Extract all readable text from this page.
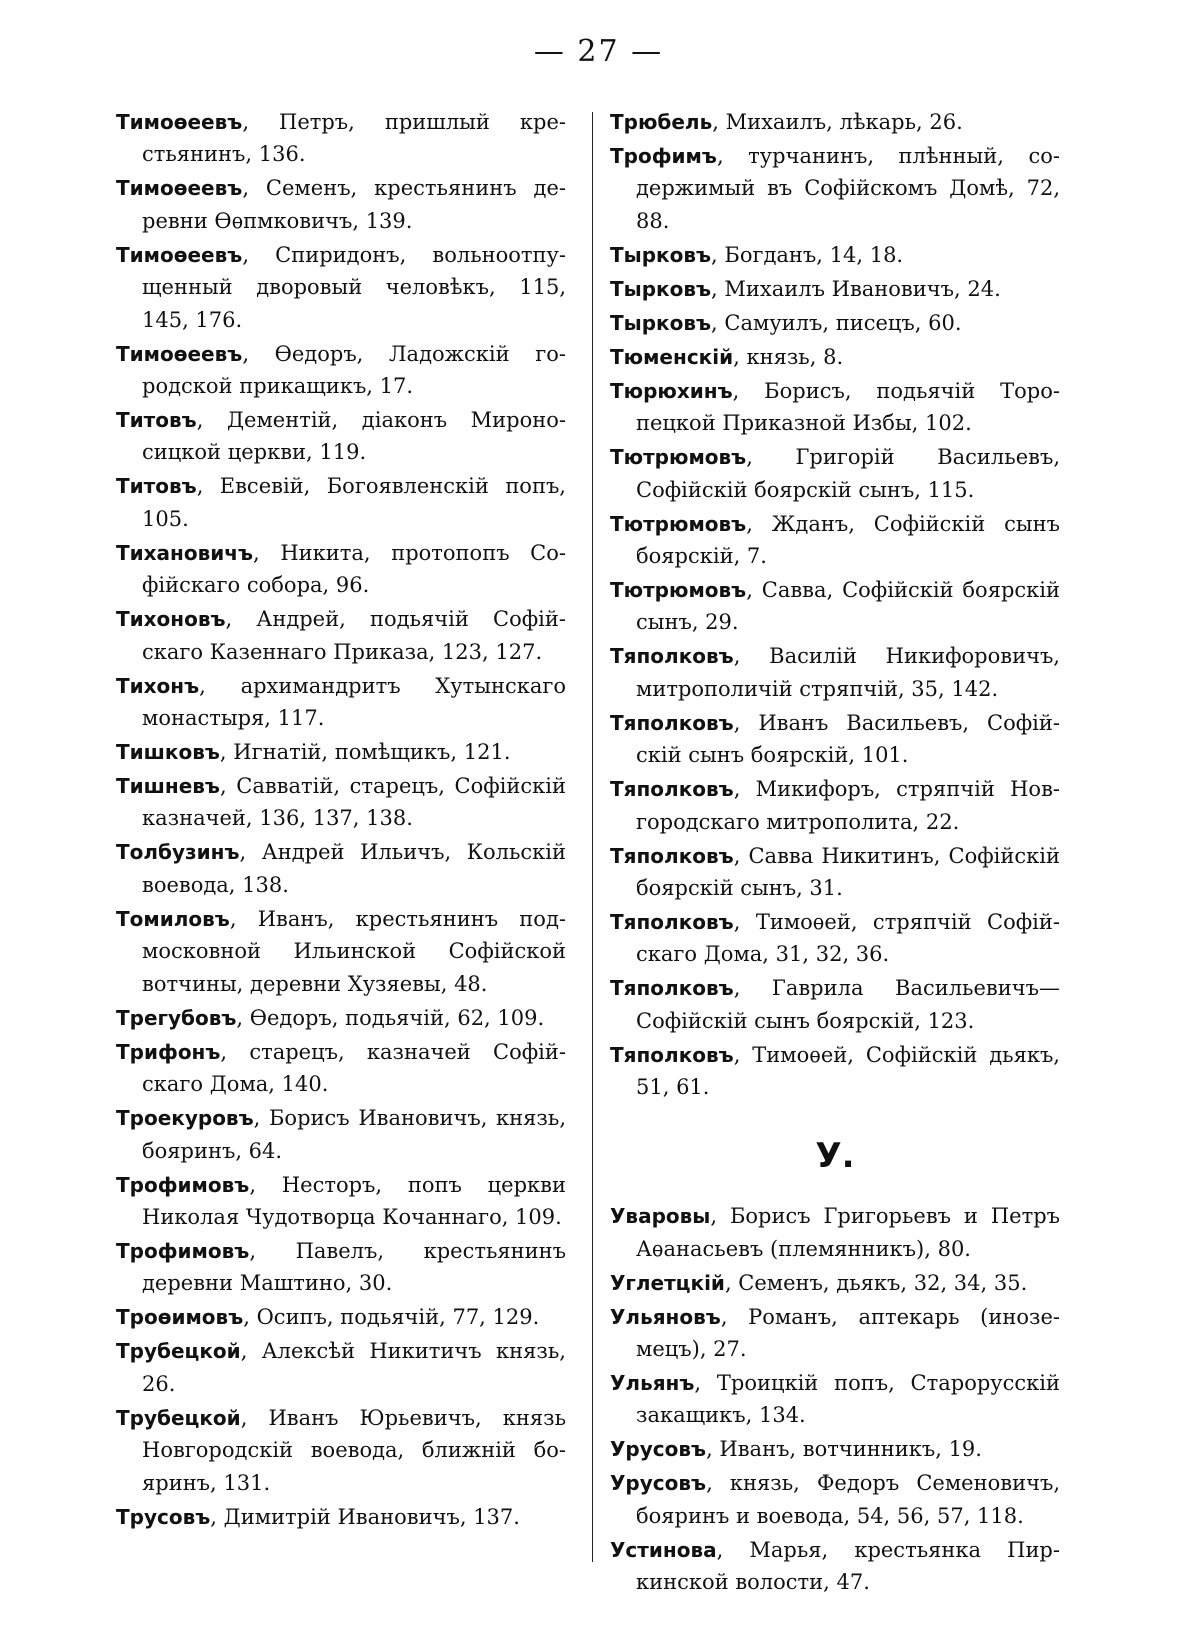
— 27 —

Тимоѳеевъ, Петръ, пришлый крестьянинъ, 136.

Тимоѳеевъ, Семенъ, крестьянинъ деревни Ѳѳпмковичъ, 139.

Тимоѳеевъ, Спиридонъ, вольноотпущенный дворовый человѣкъ, 115, 145, 176.

Тимоѳеевъ, Ѳедоръ, Ладожскій городской прикащикъ, 17.

Титовъ, Дементій, діаконъ Мироносицкой церкви, 119.

Титовъ, Евсевій, Богоявленскій попъ, 105.

Тихановичъ, Никита, протопопъ Софійскаго собора, 96.

Тихоновъ, Андрей, подьячій Софійскаго Казеннаго Приказа, 123, 127.

Тихонъ, архимандритъ Хутынскаго монастыря, 117.

Тишковъ, Игнатій, помѣщикъ, 121.

Тишневъ, Савватій, старецъ, Софійскій казначей, 136, 137, 138.

Толбузинъ, Андрей Ильичъ, Кольскій воевода, 138.

Томиловъ, Иванъ, крестьянинъ подмосковной Ильинской Софійской вотчины, деревни Хузяевы, 48.

Трегубовъ, Ѳедоръ, подьячій, 62, 109.

Трифонъ, старецъ, казначей Софійскаго Дома, 140.

Троекуровъ, Борисъ Ивановичъ, князь, бояринъ, 64.

Трофимовъ, Несторъ, попъ церкви Николая Чудотворца Кочаннаго, 109.

Трофимовъ, Павелъ, крестьянинъ деревни Маштино, 30.

Троѳимовъ, Осипъ, подьячій, 77, 129.

Трубецкой, Алексѣй Никитичъ князь, 26.

Трубецкой, Иванъ Юрьевичъ, князь Новгородскій воевода, ближній бояринъ, 131.

Трусовъ, Димитрій Ивановичъ, 137.

Трюбель, Михаилъ, лѣкарь, 26.

Трофимъ, турчанинъ, плѣнный, содержимый въ Софійскомъ Домѣ, 72, 88.

Тырковъ, Богданъ, 14, 18.

Тырковъ, Михаилъ Ивановичъ, 24.

Тырковъ, Самуилъ, писецъ, 60.

Тюменскій, князь, 8.

Тюрюхинъ, Борисъ, подьячій Торопецкой Приказной Избы, 102.

Тютрюмовъ, Григорій Васильевъ, Софійскій боярскій сынъ, 115.

Тютрюмовъ, Жданъ, Софійскій сынъ боярскій, 7.

Тютрюмовъ, Савва, Софійскій боярскій сынъ, 29.

Тяполковъ, Василій Никифоровичъ, митрополичій стряпчій, 35, 142.

Тяполковъ, Иванъ Васильевъ, Софійскій сынъ боярскій, 101.

Тяполковъ, Микифоръ, стряпчій Новгородскаго митрополита, 22.

Тяполковъ, Савва Никитинъ, Софійскій боярскій сынъ, 31.

Тяполковъ, Тимоѳей, стряпчій Софійскаго Дома, 31, 32, 36.

Тяполковъ, Гаврила Васильевичъ— Софійскій сынъ боярскій, 123.

Тяполковъ, Тимоѳей, Софійскій дьякъ, 51, 61.

У.

Уваровы, Борисъ Григорьевъ и Петръ Аѳанасьевъ (племянникъ), 80.

Углетцкій, Семенъ, дьякъ, 32, 34, 35.

Ульяновъ, Романъ, аптекарь (иноземецъ), 27.

Ульянъ, Троицкій попъ, Старорусскій закащикъ, 134.

Урусовъ, Иванъ, вотчинникъ, 19.

Урусовъ, князь, Федоръ Семеновичъ, бояринъ и воевода, 54, 56, 57, 118.

Устинова, Марья, крестьянка Пиркинской волости, 47.
